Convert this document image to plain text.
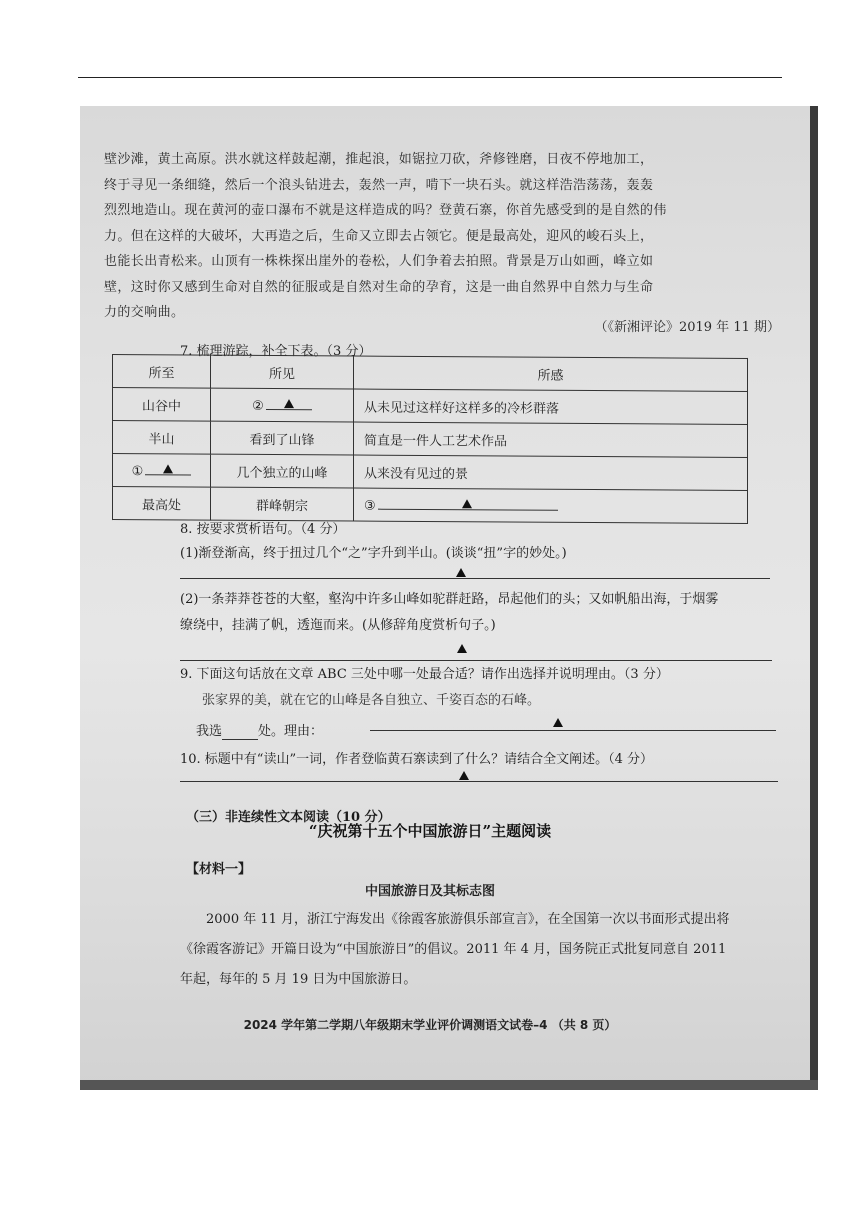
壁沙滩，黄土高原。洪水就这样鼓起潮，推起浪，如锯拉刀砍，斧修锉磨，日夜不停地加工，

终于寻见一条细缝，然后一个浪头钻进去，轰然一声，啃下一块石头。就这样浩浩荡荡，轰轰

烈烈地造山。现在黄河的壶口瀑布不就是这样造成的吗？登黄石寨，你首先感受到的是自然的伟

力。但在这样的大破坏，大再造之后，生命又立即去占领它。便是最高处，迎风的峻石头上，

也能长出青松来。山顶有一株株探出崖外的卷松，人们争着去拍照。背景是万山如画，峰立如

壁，这时你又感到生命对自然的征服或是自然对生命的孕育，这是一曲自然界中自然力与生命

力的交响曲。

（《新湘评论》2019 年 11 期）
7. 梳理游踪，补全下表。（3 分）
所至	所见	所感
山谷中	②	从未见过这样好这样多的冷杉群落
半山	看到了山锋	简直是一件人工艺术作品
①	几个独立的山峰	从来没有见过的景
最高处	群峰朝宗	③
8. 按要求赏析语句。（4 分）
(1)渐登渐高，终于扭过几个“之”字升到半山。(谈谈“扭”字的妙处。)
(2)一条莽莽苍苍的大壑，壑沟中许多山峰如驼群赶路，昂起他们的头；又如帆船出海，于烟雾
缭绕中，挂满了帆，透迤而来。(从修辞角度赏析句子。)
9. 下面这句话放在文章 ABC 三处中哪一处最合适？请作出选择并说明理由。（3 分）
张家界的美，就在它的山峰是各自独立、千姿百态的石峰。
我选	处。理由：
10. 标题中有“读山”一词，作者登临黄石寨读到了什么？请结合全文阐述。（4 分）
（三）非连续性文本阅读（10 分）
“庆祝第十五个中国旅游日”主题阅读
【材料一】
中国旅游日及其标志图

2000 年 11 月，浙江宁海发出《徐霞客旅游俱乐部宣言》，在全国第一次以书面形式提出将

《徐霞客游记》开篇日设为“中国旅游日”的倡议。2011 年 4 月，国务院正式批复同意自 2011

年起，每年的 5 月 19 日为中国旅游日。

2024 学年第二学期八年级期末学业评价调测语文试卷–4 （共 8 页）
